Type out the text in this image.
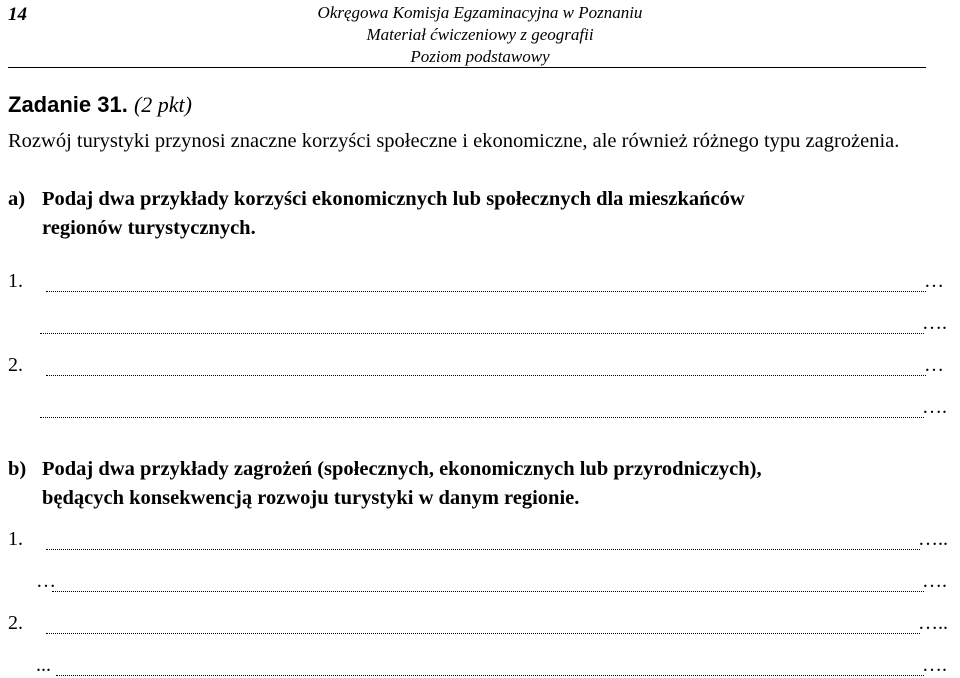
14	Okręgowa Komisja Egzaminacyjna w Poznaniu
Materiał ćwiczeniowy z geografii
Poziom podstawowy
Zadanie 31. (2 pkt)
Rozwój turystyki przynosi znaczne korzyści społeczne i ekonomiczne, ale również różnego typu zagrożenia.
a) Podaj dwa przykłady korzyści ekonomicznych lub społecznych dla mieszkańców
regionów turystycznych.
1.	…
….
2.	…
….
b) Podaj dwa przykłady zagrożeń (społecznych, ekonomicznych lub przyrodniczych),
będących konsekwencją rozwoju turystyki w danym regionie.
1.	…..
…	….
2.	…..
...	….
